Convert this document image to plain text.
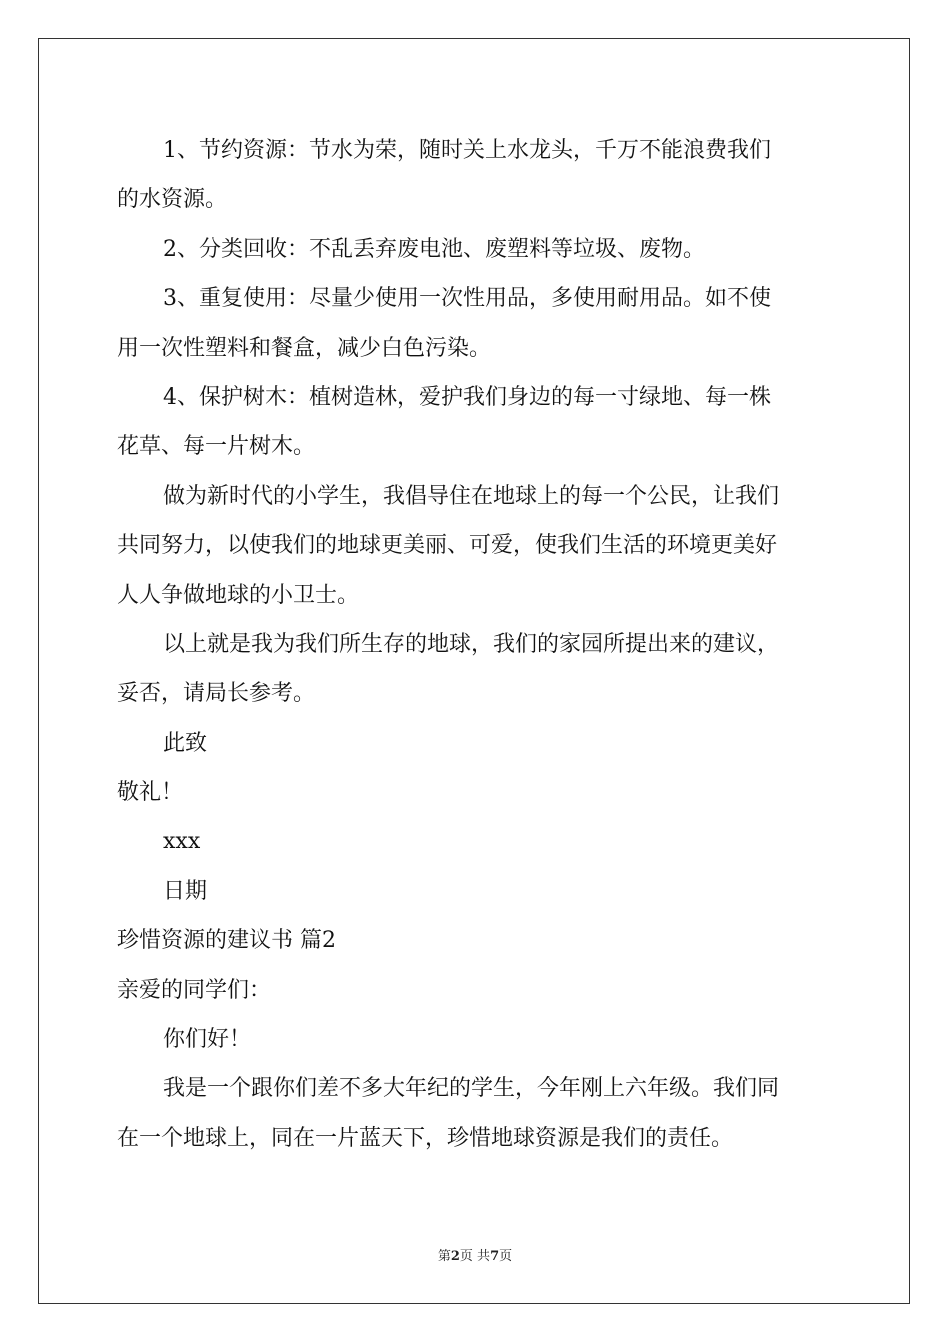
1、节约资源：节水为荣，随时关上水龙头，千万不能浪费我们
的水资源。
2、分类回收：不乱丢弃废电池、废塑料等垃圾、废物。
3、重复使用：尽量少使用一次性用品，多使用耐用品。如不使
用一次性塑料和餐盒，减少白色污染。
4、保护树木：植树造林，爱护我们身边的每一寸绿地、每一株
花草、每一片树木。
做为新时代的小学生，我倡导住在地球上的每一个公民，让我们
共同努力，以使我们的地球更美丽、可爱，使我们生活的环境更美好
人人争做地球的小卫士。
以上就是我为我们所生存的地球，我们的家园所提出来的建议，
妥否，请局长参考。
此致
敬礼！
xxx
日期
珍惜资源的建议书 篇2
亲爱的同学们：
你们好！
我是一个跟你们差不多大年纪的学生，今年刚上六年级。我们同
在一个地球上，同在一片蓝天下，珍惜地球资源是我们的责任。
第2页 共7页
